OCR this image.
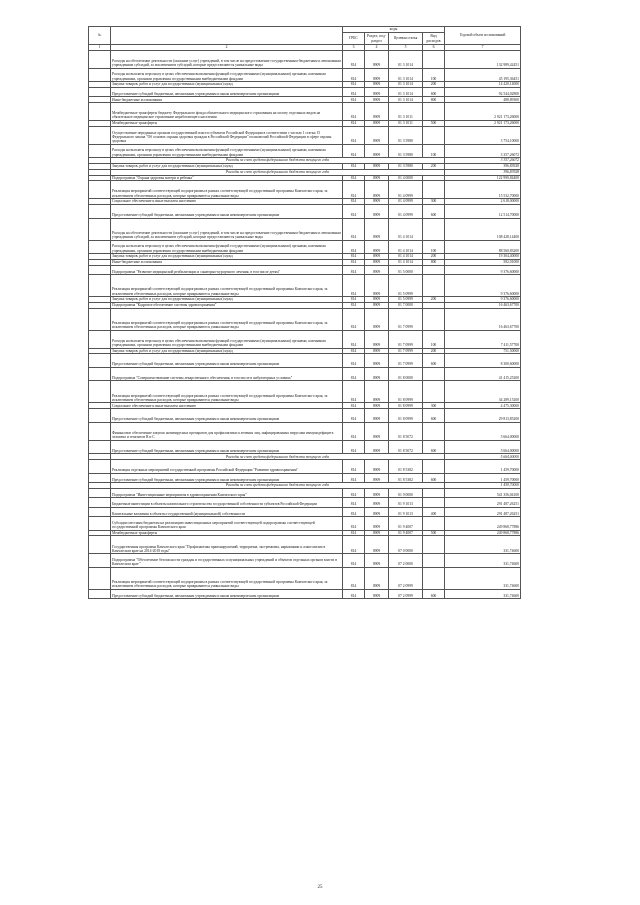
№		коды				Годовой объем ассигнований
		ГРБС	Раздел, под-раздел	Целевая статья	Вид расходов	
1	2	3	4	5	6	7
	Расходы на обеспечение деятельности (оказание услуг) учреждений, в том числе на предоставление государственным бюджетным и автономным учреждениям субсидий, за исключением субсидий, которые предоставляются уникальные виды	814	0909	01 3 1014		132 989,42451
	Расходы на выплаты персоналу в целях обеспечения выполнения функций государственными (муниципальными) органами, казенными учреждениями, органами управления государственными внебюджетными фондами	814	0909	01 3 1014	100	45 195,36451
	Закупка товаров, работ и услуг для государственных (муниципальных) нужд	814	0909	01 3 1014	200	14 420,14000
	Предоставление субсидий бюджетным, автономным учреждениям и иным некоммерческим организациям	814	0909	01 3 1014	600	92 544,02800
	Иные бюджетные ассигнования	814	0909	01 3 1014	800	488,89300
	Межбюджетные трансферты бюджету Федерального фонда обязательного медицинского страхования на оплату отдельных видов на обязательное медицинское страхование неработающего населения	814	0909	01 3 1011		2 921 173,26000
	Межбюджетные трансферты	814	0909	01 3 1011	500	2 921 173,26000
	Осуществление переданных органам государственной власти субъектов Российской Федерации в соответствии с частью 1 статьи 15 Федерального закона "Об основах охраны здоровья граждан в Российской Федерации" полномочий Российской Федерации в сфере охраны здоровья	814	0909	01 3 5980		3 754,10000
	Расходы на выплаты персоналу в целях обеспечения выполнения функций государственными (муниципальными) органами, казенными учреждениями, органами управления государственными внебюджетными фондами	814	0909	01 3 5980	100	3 357,26072
	Расходы за счет средств федерального бюджета текущего года					3 357,26072
	Закупка товаров, работ и услуг для государственных (муниципальных) нужд	814	0909	01 3 5980	200	396,83928
	Расходы за счет средств федерального бюджета текущего года					396,83928
	Подпрограмма "Охрана здоровья матери и ребенка"	814	0909	01 4 0000		122 990,84400
	Реализация мероприятий соответствующей подпрограммы в рамках соответствующей государственной программы Камчатского края, за исключением обеспеченных расходов, которые прикрываются уникальные виды	814	0909	01 4 0999		15 532,70000
	Социальное обеспечение и иные выплаты населению	814	0909	01 4 0999	300	2 618,00000
	Предоставление субсидий бюджетным, автономным учреждениям и иным некоммерческим организациям	814	0909	01 4 0999	600	12 514,70000
	Расходы на обеспечение деятельности (оказание услуг) учреждений, в том числе на предоставление государственным бюджетным и автономным учреждениям субсидий, за исключением субсидий, которые предоставляются уникальные виды	814	0909	01 4 1014		108 428,14400
	Расходы на выплаты персоналу в целях обеспечения выполнения функций государственными (муниципальными) органами, казенными учреждениями, органами управления государственными внебюджетными фондами	814	0909	01 4 1014	100	88 560,83200
	Закупка товаров, работ и услуг для государственных (муниципальных) нужд	814	0909	01 4 1014	200	19 304,40000
	Иные бюджетные ассигнования	814	0909	01 4 1014	800	582,01000
	Подпрограмма "Развитие медицинской реабилитации и санаторно-курортного лечения, в том числе детям"	814	0909	01 5 0000		9 376,60000
	Реализация мероприятий соответствующей подпрограммы в рамках соответствующей государственной программы Камчатского края, за исключением обеспеченных расходов, которые прикрываются уникальные виды	814	0909	01 5 0999		9 376,60000
	Закупка товаров, работ и услуг для государственных (муниципальных) нужд	814	0909	01 5 0999	200	9 376,60000
	Подпрограмма "Кадровое обеспечение системы здравоохранения"	814	0909	01 7 0000		16 463,67700
	Реализация мероприятий соответствующей подпрограммы в рамках соответствующей государственной программы Камчатского края, за исключением обеспеченных расходов, которые прикрываются уникальные виды	814	0909	01 7 0999		16 463,67700
	Расходы на выплаты персоналу в целях обеспечения выполнения функций государственными (муниципальными) органами, казенными учреждениями, органами управления государственными внебюджетными фондами	814	0909	01 7 0999	100	7 411,57700
	Закупка товаров, работ и услуг для государственных (муниципальных) нужд	814	0909	01 7 0999	200	751,50000
	Предоставление субсидий бюджетным, автономным учреждениям и иным некоммерческим организациям	814	0909	01 7 0999	600	8 300,60000
	Подпрограмма "Совершенствование системы лекарственного обеспечения, в том числе в амбулаторных условиях"	814	0909	01 8 0000		41 415,25200
	Реализация мероприятий соответствующей подпрограммы в рамках соответствующей государственной программы Камчатского края, за исключением обеспеченных расходов, которые прикрываются уникальные виды	814	0909	01 8 0999		34 289,15200
	Социальное обеспечение и иные выплаты населению	814	0909	01 8 0999	300	4 475,30000
	Предоставление субсидий бюджетным, автономным учреждениям и иным некоммерческим организациям	814	0909	01 8 0999	600	29 813,85200
	Финансовое обеспечение закупок антивирусных препаратов для профилактики и лечения лиц, инфицированных вирусами иммунодефицита человека и гепатитов B и C	814	0909	01 8 5072		5 664,00000
	Предоставление субсидий бюджетным, автономным учреждениям и иным некоммерческим организациям	814	0909	01 8 5072	600	5 664,00000
	Расходы за счет средств федерального бюджета текущего года					5 664,00000
	Реализация отдельных мероприятий государственной программы Российской Федерации "Развитие здравоохранения"	814	0909	01 8 5382		1 459,70000
	Предоставление субсидий бюджетным, автономным учреждениям и иным некоммерческим организациям	814	0909	01 8 5382	600	1 459,70000
	Расходы за счет средств федерального бюджета текущего года					1 459,70000
	Подпрограмма "Инвестиционные мероприятия в здравоохранении Камчатского края"	814	0909	01 9 0000		541 356,04100
	Бюджетные инвестиции в объекты капитального строительства государственной собственности субъектов Российской Федерации	814	0909	01 9 1013		291 487,26251
	Капитальные вложения в объекты государственной (муниципальной) собственности	814	0909	01 9 1013	400	291 487,26251
	Субсидии местным бюджетам на реализацию инвестиционных мероприятий соответствующей подпрограммы соответствующей государственной программы Камчатского края	814	0909	01 9 4007		249 868,77886
	Межбюджетные трансферты	814	0909	01 9 4007	500	249 868,77886
	Государственная программа Камчатского края "Профилактика правонарушений, терроризма, экстремизма, наркомании и алкоголизма в Камчатском крае на 2014-2018 годы"	814	0909	07 0 0000		331,74600
	Подпрограмма "Обеспечение безопасности граждан и государственных и муниципальных учреждений и объектов отдельных органов власти в Камчатском крае "	814	0909	07 2 0000		331,74600
	Реализация мероприятий соответствующей подпрограммы в рамках соответствующей государственной программы Камчатского края, за исключением обеспеченных расходов, которые прикрываются уникальные виды	814	0909	07 2 0999		331,74600
	Предоставление субсидий бюджетным, автономным учреждениям и иным некоммерческим организациям	814	0909	07 2 0999	600	331,74600
25
